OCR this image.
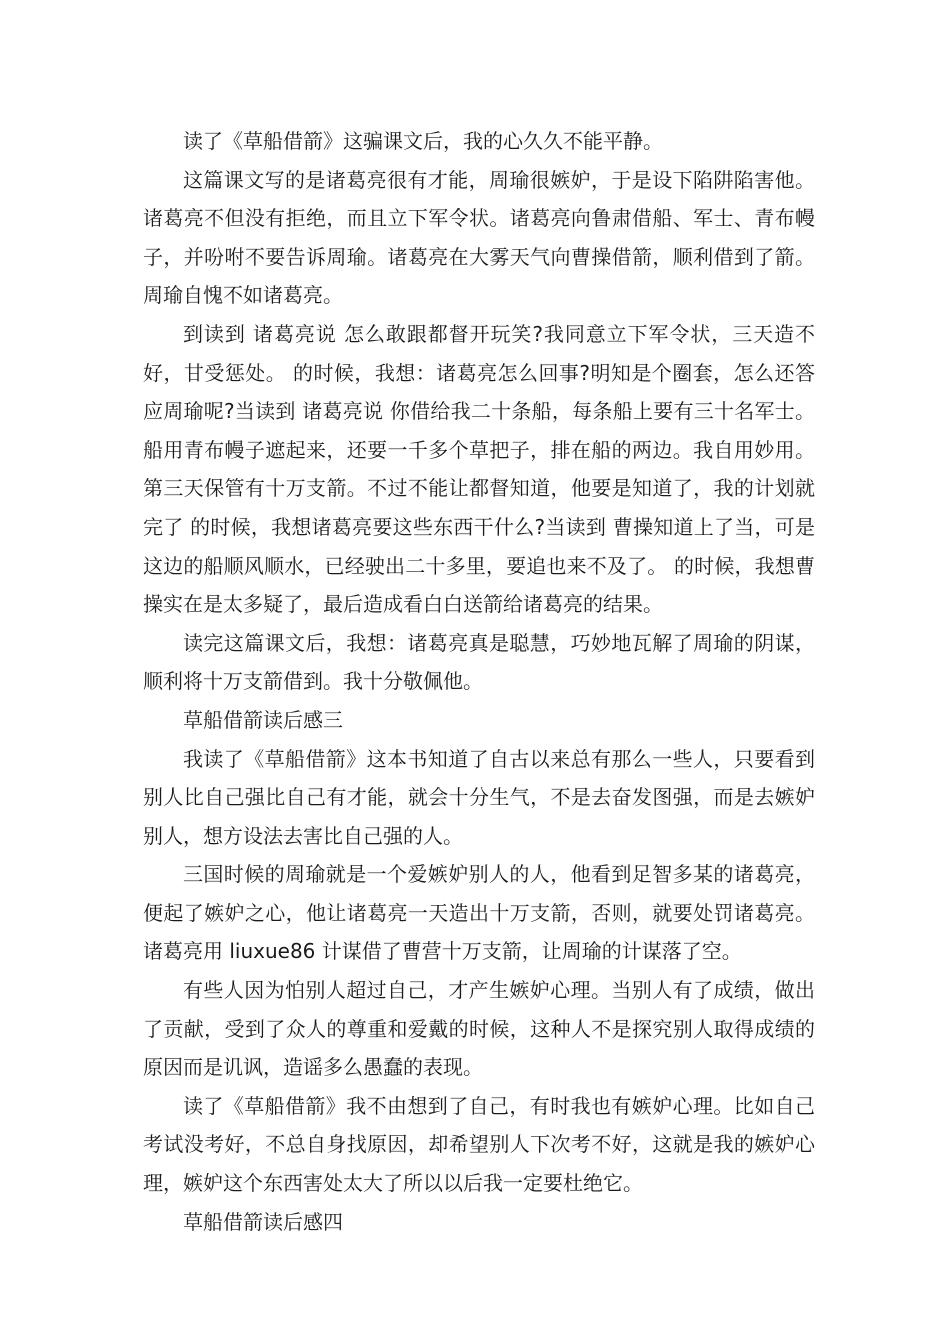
读了《草船借箭》这骗课文后，我的心久久不能平静。

这篇课文写的是诸葛亮很有才能，周瑜很嫉妒，于是设下陷阱陷害他。诸葛亮不但没有拒绝，而且立下军令状。诸葛亮向鲁肃借船、军士、青布幔子，并吩咐不要告诉周瑜。诸葛亮在大雾天气向曹操借箭，顺利借到了箭。周瑜自愧不如诸葛亮。

到读到 诸葛亮说 怎么敢跟都督开玩笑?我同意立下军令状，三天造不好，甘受惩处。 的时候，我想：诸葛亮怎么回事?明知是个圈套，怎么还答应周瑜呢?当读到 诸葛亮说 你借给我二十条船，每条船上要有三十名军士。船用青布幔子遮起来，还要一千多个草把子，排在船的两边。我自用妙用。第三天保管有十万支箭。不过不能让都督知道，他要是知道了，我的计划就完了 的时候，我想诸葛亮要这些东西干什么?当读到 曹操知道上了当，可是这边的船顺风顺水，已经驶出二十多里，要追也来不及了。 的时候，我想曹操实在是太多疑了，最后造成看白白送箭给诸葛亮的结果。

读完这篇课文后，我想：诸葛亮真是聪慧，巧妙地瓦解了周瑜的阴谋，顺利将十万支箭借到。我十分敬佩他。

草船借箭读后感三

我读了《草船借箭》这本书知道了自古以来总有那么一些人，只要看到别人比自己强比自己有才能，就会十分生气，不是去奋发图强，而是去嫉妒别人，想方设法去害比自己强的人。

三国时候的周瑜就是一个爱嫉妒别人的人，他看到足智多某的诸葛亮，便起了嫉妒之心，他让诸葛亮一天造出十万支箭，否则，就要处罚诸葛亮。诸葛亮用 liuxue86 计谋借了曹营十万支箭，让周瑜的计谋落了空。

有些人因为怕别人超过自己，才产生嫉妒心理。当别人有了成绩，做出了贡献，受到了众人的尊重和爱戴的时候，这种人不是探究别人取得成绩的原因而是讥讽，造谣多么愚蠢的表现。

读了《草船借箭》我不由想到了自己，有时我也有嫉妒心理。比如自己考试没考好，不总自身找原因，却希望别人下次考不好，这就是我的嫉妒心理，嫉妒这个东西害处太大了所以以后我一定要杜绝它。

草船借箭读后感四
